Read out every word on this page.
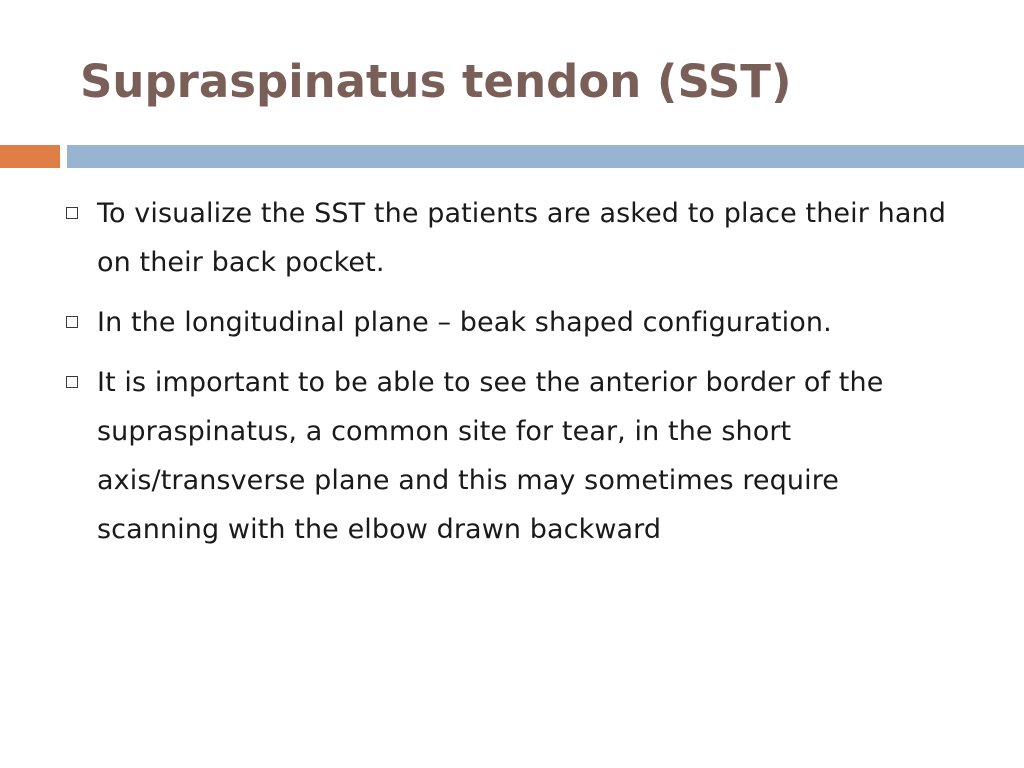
Supraspinatus tendon (SST)
To visualize the SST the patients are asked to place their hand on their back pocket.
In the longitudinal plane – beak shaped configuration.
It is important to be able to see the anterior border of the supraspinatus, a common site for tear, in the short axis/transverse plane and this may sometimes require scanning with the elbow drawn backward
